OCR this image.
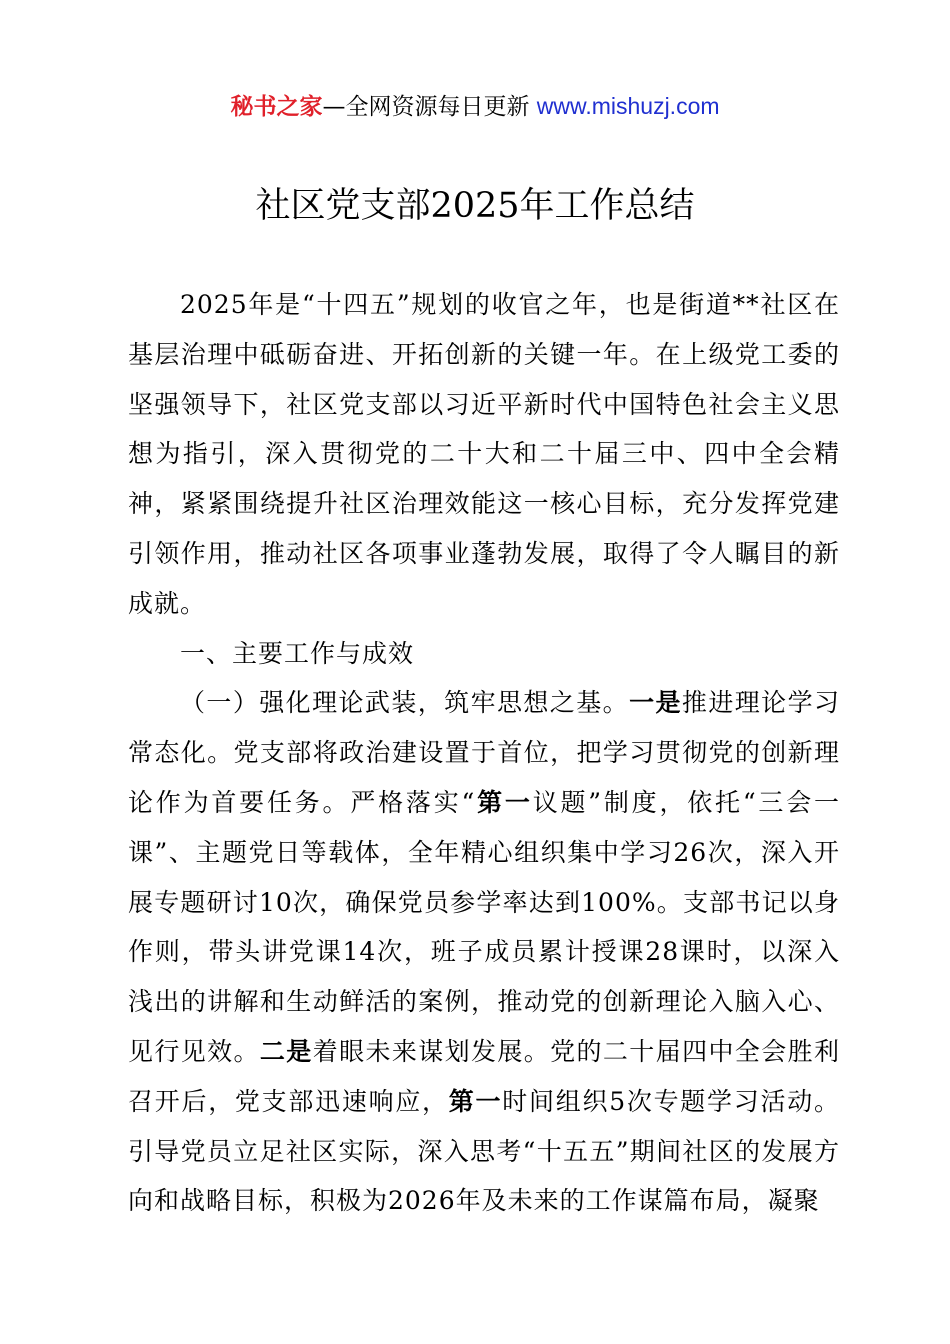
秘书之家—全网资源每日更新 www.mishuzj.com
社区党支部2025年工作总结

2025年是“十四五”规划的收官之年，也是街道**社区在基层治理中砥砺奋进、开拓创新的关键一年。在上级党工委的坚强领导下，社区党支部以习近平新时代中国特色社会主义思想为指引，深入贯彻党的二十大和二十届三中、四中全会精神，紧紧围绕提升社区治理效能这一核心目标，充分发挥党建引领作用，推动社区各项事业蓬勃发展，取得了令人瞩目的新成就。

一、主要工作与成效

（一）强化理论武装，筑牢思想之基。一是推进理论学习常态化。党支部将政治建设置于首位，把学习贯彻党的创新理论作为首要任务。严格落实“第一议题”制度，依托“三会一课”、主题党日等载体，全年精心组织集中学习26次，深入开展专题研讨10次，确保党员参学率达到100%。支部书记以身作则，带头讲党课14次，班子成员累计授课28课时，以深入浅出的讲解和生动鲜活的案例，推动党的创新理论入脑入心、见行见效。二是着眼未来谋划发展。党的二十届四中全会胜利召开后，党支部迅速响应，第一时间组织5次专题学习活动。引导党员立足社区实际，深入思考“十五五”期间社区的发展方向和战略目标，积极为2026年及未来的工作谋篇布局，凝聚
